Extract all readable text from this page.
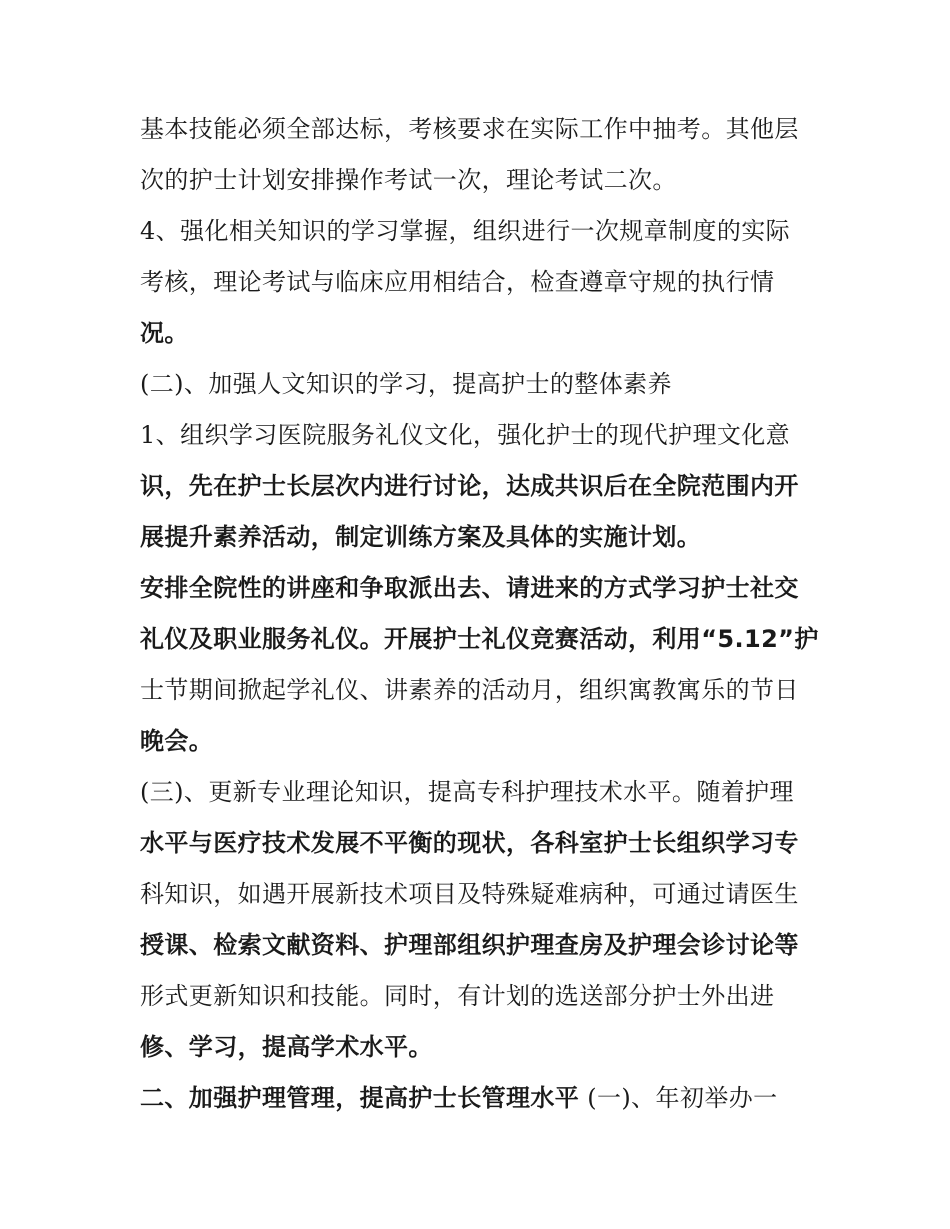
基本技能必须全部达标，考核要求在实际工作中抽考。其他层
次的护士计划安排操作考试一次，理论考试二次。
4、强化相关知识的学习掌握，组织进行一次规章制度的实际
考核，理论考试与临床应用相结合，检查遵章守规的执行情
况。
(二)、加强人文知识的学习，提高护士的整体素养
1、组织学习医院服务礼仪文化，强化护士的现代护理文化意
识，先在护士长层次内进行讨论，达成共识后在全院范围内开
展提升素养活动，制定训练方案及具体的实施计划。
安排全院性的讲座和争取派出去、请进来的方式学习护士社交
礼仪及职业服务礼仪。开展护士礼仪竞赛活动，利用“5.12”护
士节期间掀起学礼仪、讲素养的活动月，组织寓教寓乐的节日
晚会。
(三)、更新专业理论知识，提高专科护理技术水平。随着护理
水平与医疗技术发展不平衡的现状，各科室护士长组织学习专
科知识，如遇开展新技术项目及特殊疑难病种，可通过请医生
授课、检索文献资料、护理部组织护理查房及护理会诊讨论等
形式更新知识和技能。同时，有计划的选送部分护士外出进
修、学习，提高学术水平。
二、加强护理管理，提高护士长管理水平 (一)、年初举办一
